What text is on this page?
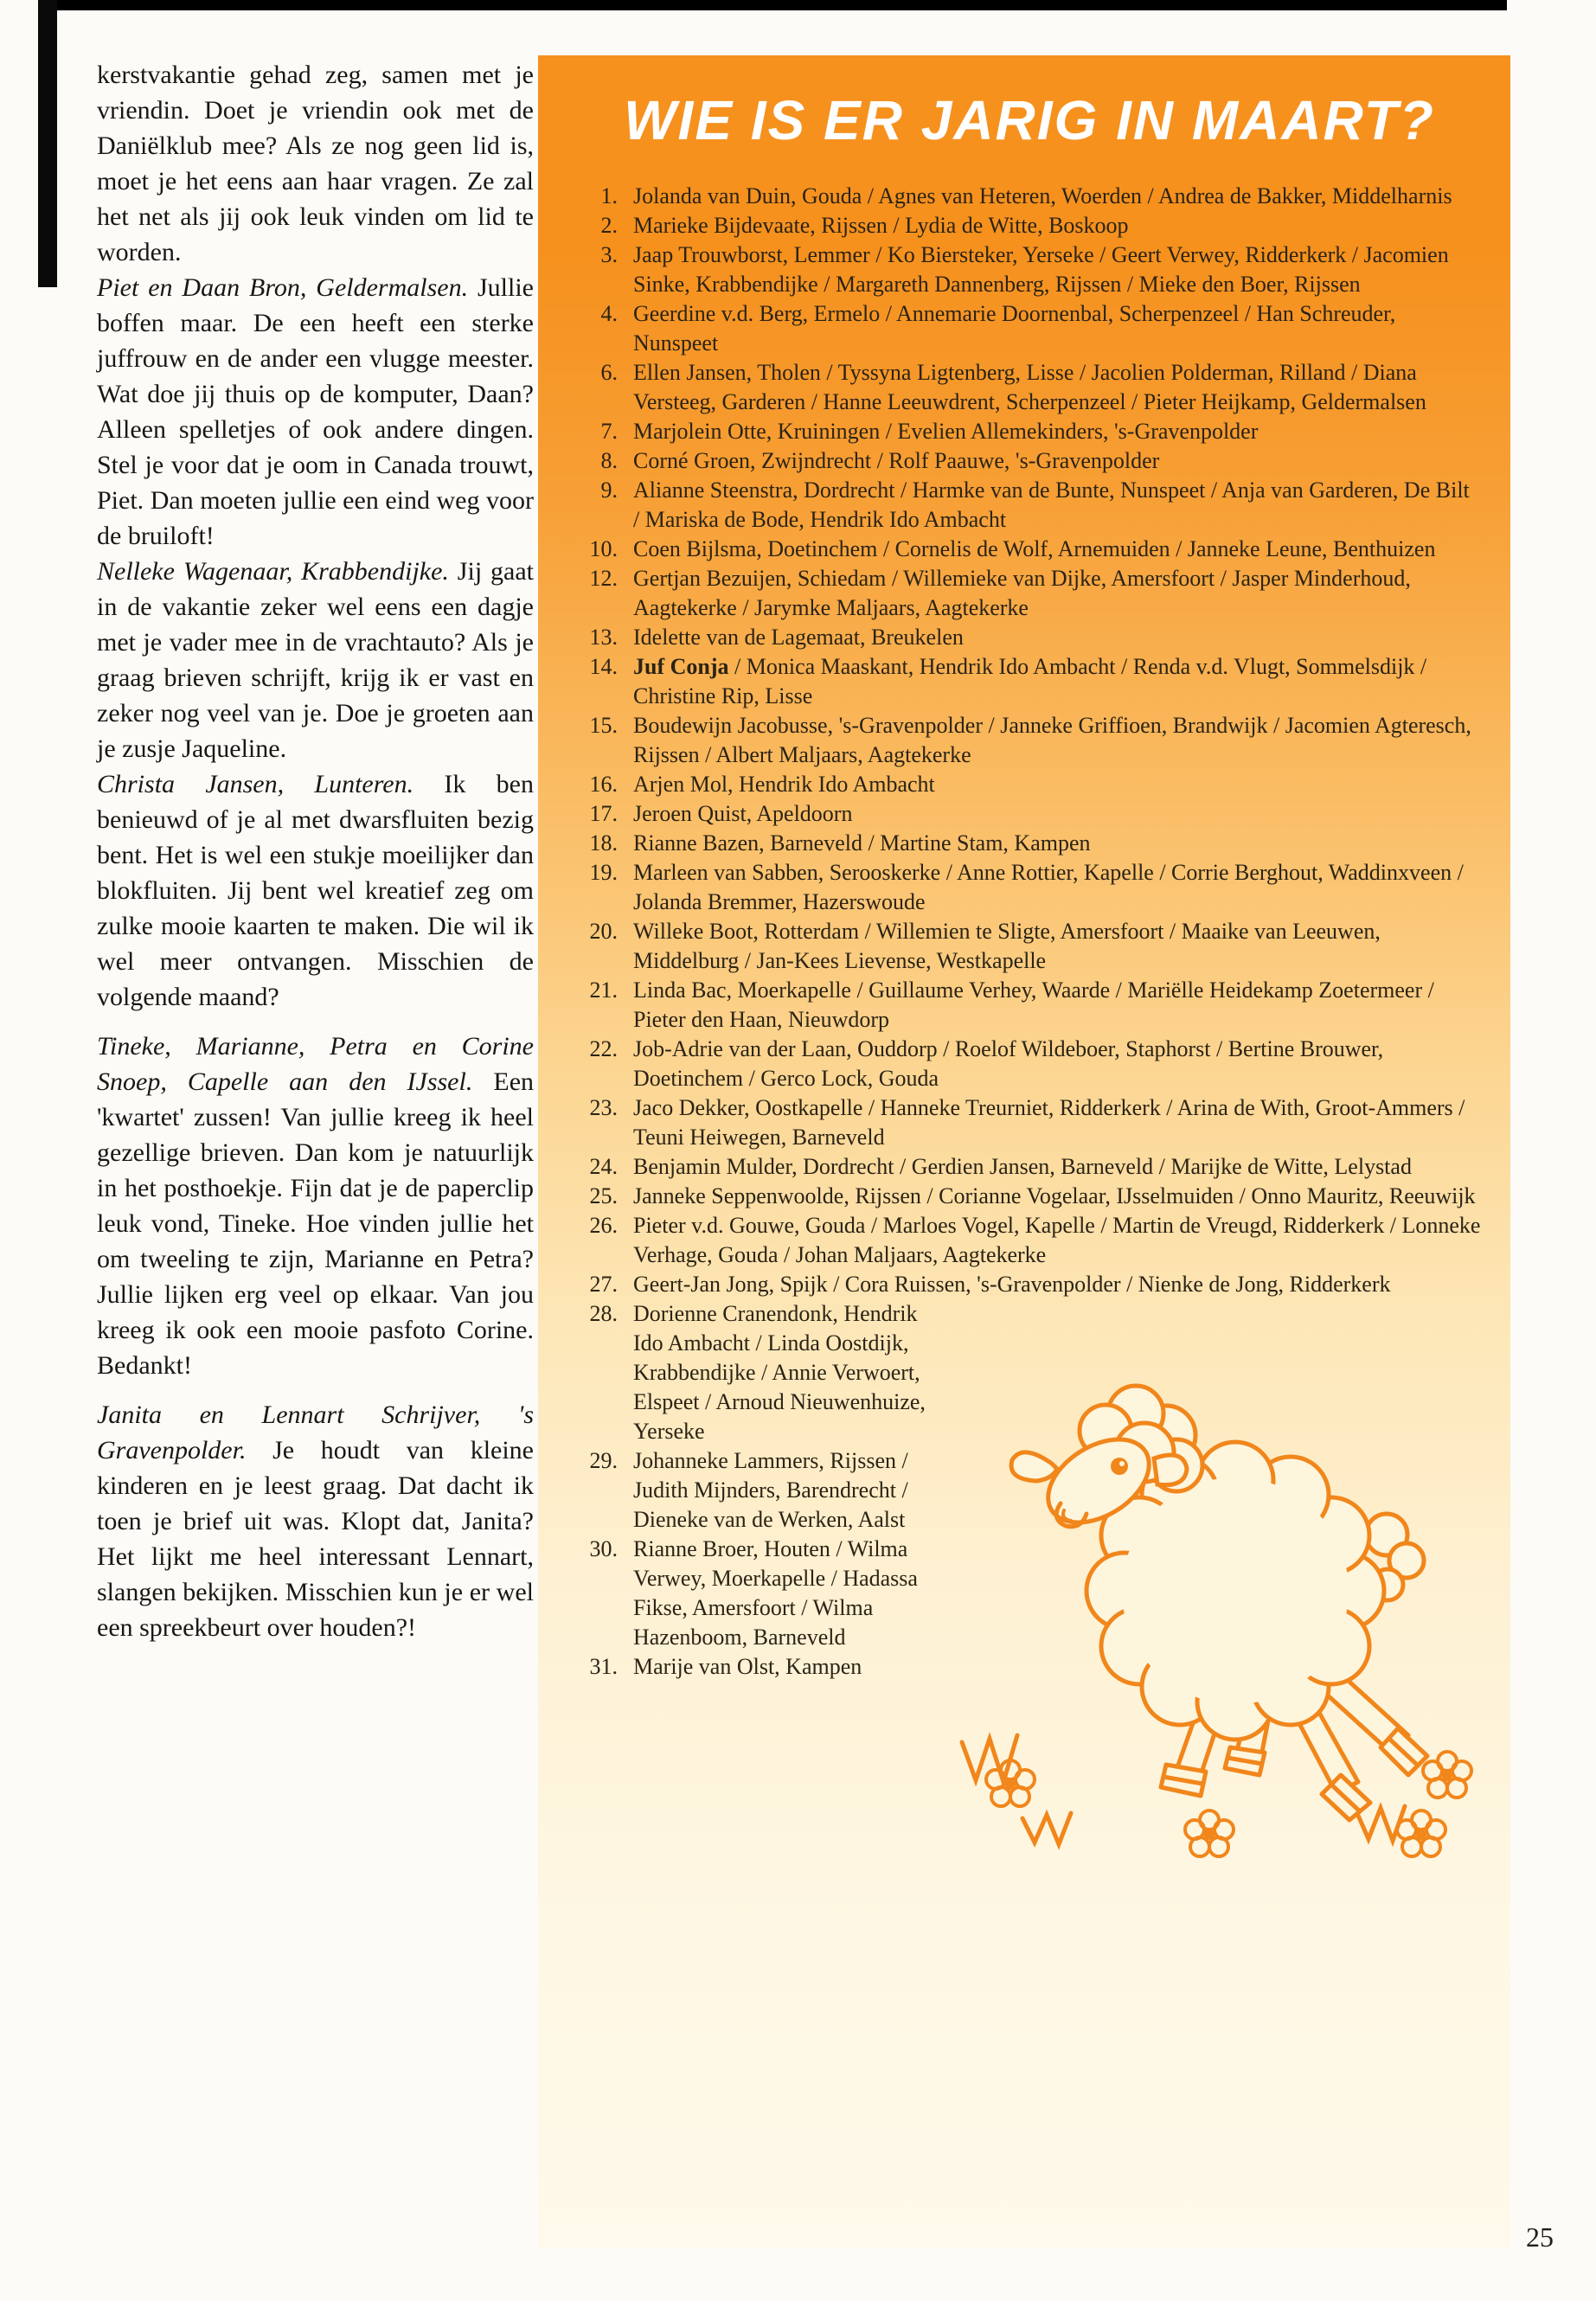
kerstvakantie gehad zeg, samen met je vriendin. Doet je vriendin ook met de Daniëlklub mee? Als ze nog geen lid is, moet je het eens aan haar vragen. Ze zal het net als jij ook leuk vinden om lid te worden.

Piet en Daan Bron, Geldermalsen. Jullie boffen maar. De een heeft een sterke juffrouw en de ander een vlugge meester. Wat doe jij thuis op de komputer, Daan? Alleen spelletjes of ook andere dingen. Stel je voor dat je oom in Canada trouwt, Piet. Dan moeten jullie een eind weg voor de bruiloft!

Nelleke Wagenaar, Krabbendijke. Jij gaat in de vakantie zeker wel eens een dagje met je vader mee in de vrachtauto? Als je graag brieven schrijft, krijg ik er vast en zeker nog veel van je. Doe je groeten aan je zusje Jaqueline.

Christa Jansen, Lunteren. Ik ben benieuwd of je al met dwarsfluiten bezig bent. Het is wel een stukje moeilijker dan blokfluiten. Jij bent wel kreatief zeg om zulke mooie kaarten te maken. Die wil ik wel meer ontvangen. Misschien de volgende maand?

Tineke, Marianne, Petra en Corine Snoep, Capelle aan den IJssel. Een 'kwartet' zussen! Van jullie kreeg ik heel gezellige brieven. Dan kom je natuurlijk in het posthoekje. Fijn dat je de paperclip leuk vond, Tineke. Hoe vinden jullie het om tweeling te zijn, Marianne en Petra? Jullie lijken erg veel op elkaar. Van jou kreeg ik ook een mooie pasfoto Corine. Bedankt!

Janita en Lennart Schrijver, 's Gravenpolder. Je houdt van kleine kinderen en je leest graag. Dat dacht ik toen je brief uit was. Klopt dat, Janita? Het lijkt me heel interessant Lennart, slangen bekijken. Misschien kun je er wel een spreekbeurt over houden?!

WIE IS ER JARIG IN MAART?
1. Jolanda van Duin, Gouda / Agnes van Heteren, Woerden / Andrea de Bakker, Middelharnis
2. Marieke Bijdevaate, Rijssen / Lydia de Witte, Boskoop
3. Jaap Trouwborst, Lemmer / Ko Biersteker, Yerseke / Geert Verwey, Ridderkerk / Jacomien Sinke, Krabbendijke / Margareth Dannenberg, Rijssen / Mieke den Boer, Rijssen
4. Geerdine v.d. Berg, Ermelo / Annemarie Doornenbal, Scherpenzeel / Han Schreuder, Nunspeet
6. Ellen Jansen, Tholen / Tyssyna Ligtenberg, Lisse / Jacolien Polderman, Rilland / Diana Versteeg, Garderen / Hanne Leeuwdrent, Scherpenzeel / Pieter Heijkamp, Geldermalsen
7. Marjolein Otte, Kruiningen / Evelien Allemekinders, 's-Gravenpolder
8. Corné Groen, Zwijndrecht / Rolf Paauwe, 's-Gravenpolder
9. Alianne Steenstra, Dordrecht / Harmke van de Bunte, Nunspeet / Anja van Garderen, De Bilt / Mariska de Bode, Hendrik Ido Ambacht
10. Coen Bijlsma, Doetinchem / Cornelis de Wolf, Arnemuiden / Janneke Leune, Benthuizen
12. Gertjan Bezuijen, Schiedam / Willemieke van Dijke, Amersfoort / Jasper Minderhoud, Aagtekerke / Jarymke Maljaars, Aagtekerke
13. Idelette van de Lagemaat, Breukelen
14. Juf Conja / Monica Maaskant, Hendrik Ido Ambacht / Renda v.d. Vlugt, Sommelsdijk / Christine Rip, Lisse
15. Boudewijn Jacobusse, 's-Gravenpolder / Janneke Griffioen, Brandwijk / Jacomien Agteresch, Rijssen / Albert Maljaars, Aagtekerke
16. Arjen Mol, Hendrik Ido Ambacht
17. Jeroen Quist, Apeldoorn
18. Rianne Bazen, Barneveld / Martine Stam, Kampen
19. Marleen van Sabben, Serooskerke / Anne Rottier, Kapelle / Corrie Berghout, Waddinxveen / Jolanda Bremmer, Hazerswoude
20. Willeke Boot, Rotterdam / Willemien te Sligte, Amersfoort / Maaike van Leeuwen, Middelburg / Jan-Kees Lievense, Westkapelle
21. Linda Bac, Moerkapelle / Guillaume Verhey, Waarde / Mariëlle Heidekamp Zoetermeer / Pieter den Haan, Nieuwdorp
22. Job-Adrie van der Laan, Ouddorp / Roelof Wildeboer, Staphorst / Bertine Brouwer, Doetinchem / Gerco Lock, Gouda
23. Jaco Dekker, Oostkapelle / Hanneke Treurniet, Ridderkerk / Arina de With, Groot-Ammers / Teuni Heiwegen, Barneveld
24. Benjamin Mulder, Dordrecht / Gerdien Jansen, Barneveld / Marijke de Witte, Lelystad
25. Janneke Seppenwoolde, Rijssen / Corianne Vogelaar, IJsselmuiden / Onno Mauritz, Reeuwijk
26. Pieter v.d. Gouwe, Gouda / Marloes Vogel, Kapelle / Martin de Vreugd, Ridderkerk / Lonneke Verhage, Gouda / Johan Maljaars, Aagtekerke
27. Geert-Jan Jong, Spijk / Cora Ruissen, 's-Gravenpolder / Nienke de Jong, Ridderkerk
28. Dorienne Cranendonk, Hendrik Ido Ambacht / Linda Oostdijk, Krabbendijke / Annie Verwoert, Elspeet / Arnoud Nieuwenhuize, Yerseke
29. Johanneke Lammers, Rijssen / Judith Mijnders, Barendrecht / Dieneke van de Werken, Aalst
30. Rianne Broer, Houten / Wilma Verwey, Moerkapelle / Hadassa Fikse, Amersfoort / Wilma Hazenboom, Barneveld
31. Marije van Olst, Kampen
25
